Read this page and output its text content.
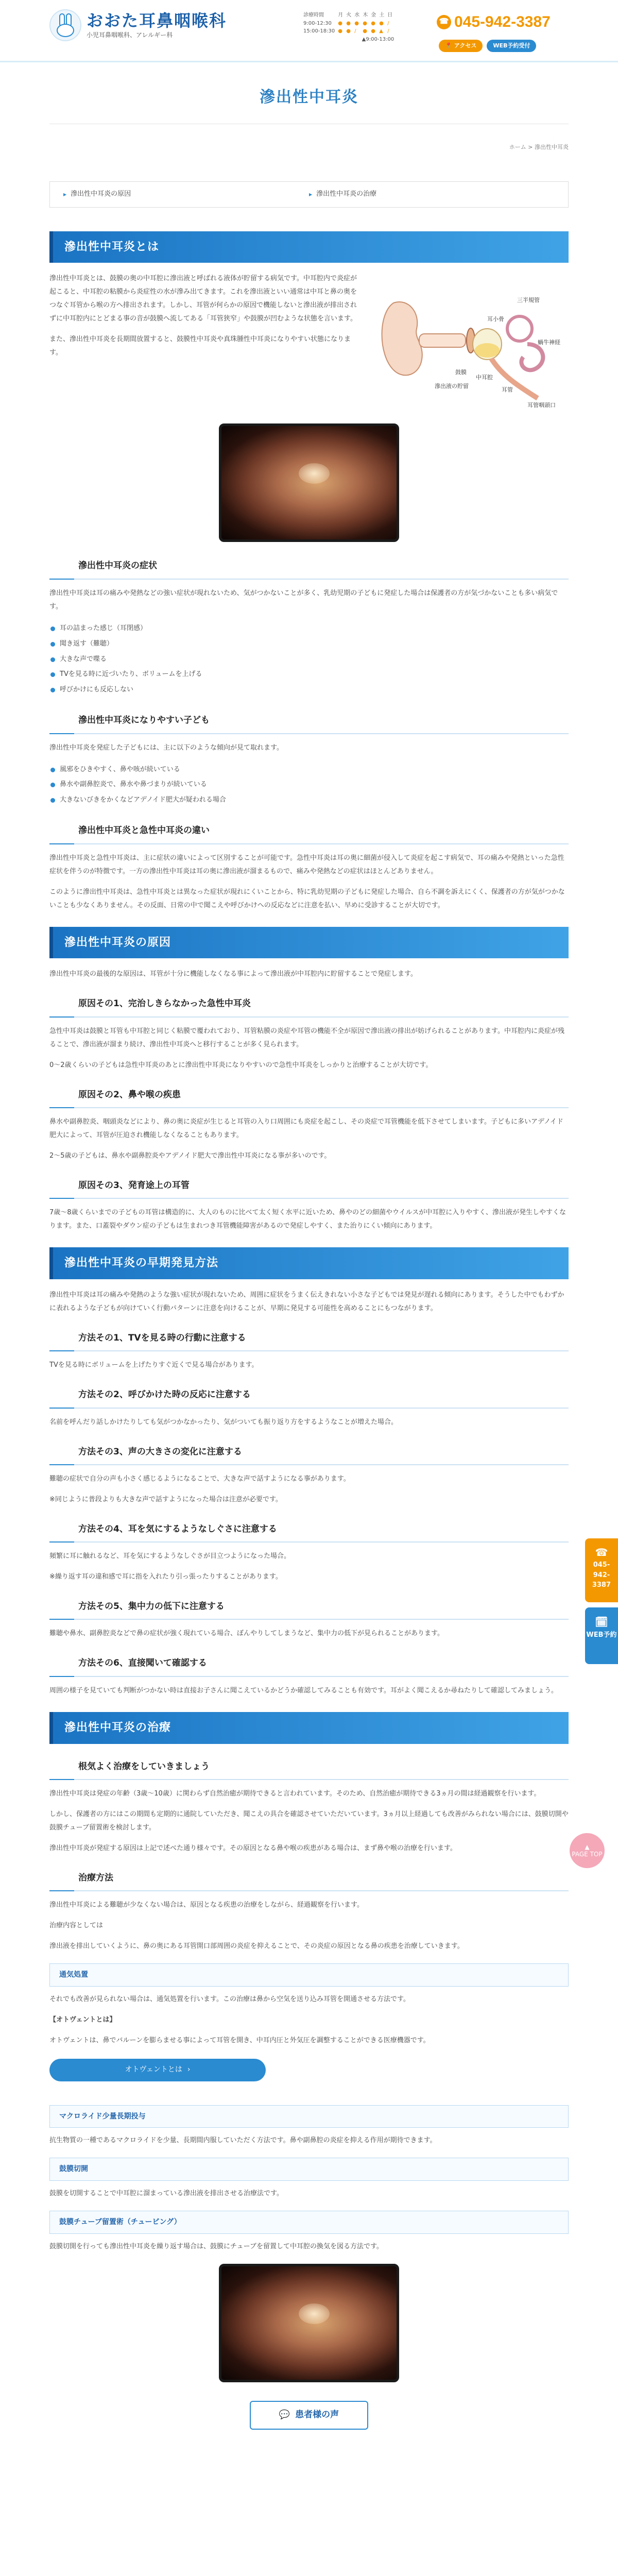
おおた耳鼻咽喉科
小児耳鼻咽喉科、アレルギー科
診療時間	月	火	水	木	金	土	日
9:00-12:30	●	●	●	●	●	●	/
15:00-18:30	●	●	/	●	●	▲	/
▲9:00-13:00
☎ 045-942-3387
📍 アクセス	WEB予約受付
滲出性中耳炎
ホーム > 滲出性中耳炎
▶ 滲出性中耳炎の原因	▶ 滲出性中耳炎の治療
滲出性中耳炎とは

滲出性中耳炎とは、鼓膜の奥の中耳腔に滲出液と呼ばれる液体が貯留する病気です。中耳腔内で炎症が起こると、中耳腔の粘膜から炎症性の水が滲み出てきます。これを滲出液といい通常は中耳と鼻の奥をつなぐ耳管から喉の方へ排出されます。しかし、耳管が何らかの原因で機能しないと滲出液が排出されずに中耳腔内にとどまる事の音が鼓膜へ流してある「耳管狭窄」や鼓膜が凹むような状態を言います。

また、滲出性中耳炎を長期間放置すると、鼓膜性中耳炎や真珠腫性中耳炎になりやすい状態になります。

三半規管
蝸牛神経
耳小骨
鼓膜
中耳腔
滲出液の貯留
耳管
耳管咽頭口
滲出性中耳炎の症状

滲出性中耳炎は耳の痛みや発熱などの強い症状が現れないため、気がつかないことが多く、乳幼児期の子どもに発症した場合は保護者の方が気づかないことも多い病気です。

耳の詰まった感じ（耳閉感）
聞き返す（難聴）
大きな声で喋る
TVを見る時に近づいたり、ボリュームを上げる
呼びかけにも反応しない
滲出性中耳炎になりやすい子ども

滲出性中耳炎を発症した子どもには、主に以下のような傾向が見て取れます。

風邪をひきやすく、鼻や咳が続いている
鼻水や副鼻腔炎で、鼻水や鼻づまりが続いている
大きないびきをかくなどアデノイド肥大が疑われる場合
滲出性中耳炎と急性中耳炎の違い

滲出性中耳炎と急性中耳炎は、主に症状の違いによって区別することが可能です。急性中耳炎は耳の奥に細菌が侵入して炎症を起こす病気で、耳の痛みや発熱といった急性症状を伴うのが特徴です。一方の滲出性中耳炎は耳の奥に滲出液が溜まるもので、痛みや発熱などの症状はほとんどありません。

このように滲出性中耳炎は、急性中耳炎とは異なった症状が現れにくいことから、特に乳幼児期の子どもに発症した場合、自ら不調を訴えにくく、保護者の方が気がつかないことも少なくありません。その反面、日常の中で聞こえや呼びかけへの反応などに注意を払い、早めに受診することが大切です。

滲出性中耳炎の原因

滲出性中耳炎の最後的な原因は、耳管が十分に機能しなくなる事によって滲出液が中耳腔内に貯留することで発症します。

原因その1、完治しきらなかった急性中耳炎

急性中耳炎は鼓膜と耳管も中耳腔と同じく粘膜で覆われており、耳管粘膜の炎症や耳管の機能不全が原因で滲出液の排出が妨げられることがあります。中耳腔内に炎症が残ることで、滲出液が溜まり続け、滲出性中耳炎へと移行することが多く見られます。

0〜2歳くらいの子どもは急性中耳炎のあとに滲出性中耳炎になりやすいので急性中耳炎をしっかりと治療することが大切です。

原因その2、鼻や喉の疾患

鼻水や副鼻腔炎、咽頭炎などにより、鼻の奥に炎症が生じると耳管の入り口周囲にも炎症を起こし、その炎症で耳管機能を低下させてしまいます。子どもに多いアデノイド肥大によって、耳管が圧迫され機能しなくなることもあります。

2〜5歳の子どもは、鼻水や副鼻腔炎やアデノイド肥大で滲出性中耳炎になる事が多いのです。

原因その3、発育途上の耳管

7歳〜8歳くらいまでの子どもの耳管は構造的に、大人のものに比べて太く短く水平に近いため、鼻やのどの細菌やウイルスが中耳腔に入りやすく、滲出液が発生しやすくなります。また、口蓋裂やダウン症の子どもは生まれつき耳管機能障害があるので発症しやすく、また治りにくい傾向にあります。

滲出性中耳炎の早期発見方法

滲出性中耳炎は耳の痛みや発熱のような強い症状が現れないため、周囲に症状をうまく伝えきれない小さな子どもでは発見が遅れる傾向にあります。そうした中でもわずかに表れるような子どもが向けていく行動パターンに注意を向けることが、早期に発見する可能性を高めることにもつながります。

方法その1、TVを見る時の行動に注意する

TVを見る時にボリュームを上げたりすぐ近くで見る場合があります。

方法その2、呼びかけた時の反応に注意する

名前を呼んだり話しかけたりしても気がつかなかったり、気がついても振り返り方をするようなことが増えた場合。

方法その3、声の大きさの変化に注意する

難聴の症状で自分の声も小さく感じるようになることで、大きな声で話すようになる事があります。

※同じように普段よりも大きな声で話すようになった場合は注意が必要です。

方法その4、耳を気にするようなしぐさに注意する

頻繁に耳に触れるなど、耳を気にするようなしぐさが目立つようになった場合。

※繰り返す耳の違和感で耳に指を入れたり引っ張ったりすることがあります。

方法その5、集中力の低下に注意する

難聴や鼻水、副鼻腔炎などで鼻の症状が強く現れている場合、ぼんやりしてしまうなど、集中力の低下が見られることがあります。

方法その6、直接聞いて確認する

周囲の様子を見ていても判断がつかない時は直接お子さんに聞こえているかどうか確認してみることも有効です。耳がよく聞こえるか尋ねたりして確認してみましょう。

滲出性中耳炎の治療
根気よく治療をしていきましょう

滲出性中耳炎は発症の年齢（3歳〜10歳）に関わらず自然治癒が期待できると言われています。そのため、自然治癒が期待できる3ヵ月の間は経過観察を行います。

しかし、保護者の方にはこの期間も定期的に通院していただき、聞こえの具合を確認させていただいています。3ヵ月以上経過しても改善がみられない場合には、鼓膜切開や鼓膜チューブ留置術を検討します。

滲出性中耳炎が発症する原因は上記で述べた通り様々です。その原因となる鼻や喉の疾患がある場合は、まず鼻や喉の治療を行います。

治療方法

滲出性中耳炎による難聴が少なくない場合は、原因となる疾患の治療をしながら、経過観察を行います。

治療内容としては

滲出液を排出していくように、鼻の奥にある耳管開口部周囲の炎症を抑えることで、その炎症の原因となる鼻の疾患を治療していきます。

通気処置

それでも改善が見られない場合は、通気処置を行います。この治療は鼻から空気を送り込み耳管を開通させる方法です。

【オトヴェントとは】

オトヴェントは、鼻でバルーンを膨らませる事によって耳管を開き、中耳内圧と外気圧を調整することができる医療機器です。

オトヴェントとは ›
マクロライド少量長期投与

抗生物質の一種であるマクロライドを少量、長期間内服していただく方法です。鼻や副鼻腔の炎症を抑える作用が期待できます。

鼓膜切開

鼓膜を切開することで中耳腔に溜まっている滲出液を排出させる治療法です。

鼓膜チューブ留置術（チュービング）

鼓膜切開を行っても滲出性中耳炎を繰り返す場合は、鼓膜にチューブを留置して中耳腔の換気を図る方法です。

💬 患者様の声
☎
045-942-3387
🗓
WEB予約
▲
PAGE TOP
